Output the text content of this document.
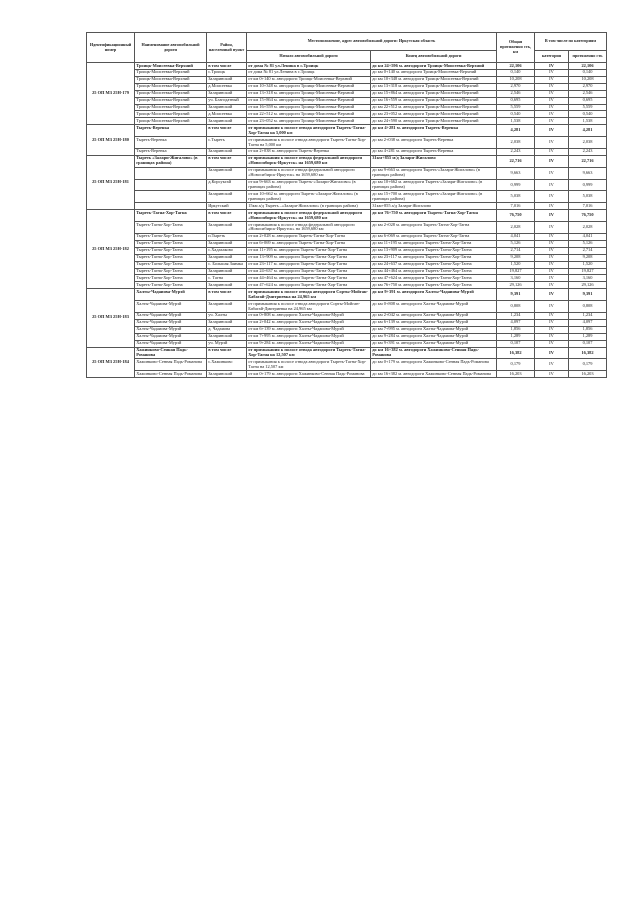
Идентификационный номер	Наименование автомобильной дороги	Район, населенный пункт	Местоположение, адрес автомобильной дороги: Иркутская область		Общая протяженно сть, км	В том числе по категориям	
			Начало автомобильной дороги	Конец автомобильной дороги		категория	протяженно сть
25 ОП МЗ 25Н-179	Троицк-Моисеевка-Верхний	в том числе	от дома № 81 ул.Ленина в с.Троицк	до км 24+596 м. автодороги Троицк-Моисеевка-Верхний	22,106	IV	22,106
	Троицк-Моисеевка-Верхний	с.Троицк	от дома № 81 ул.Ленина в с.Троицк	до км 0+140 м. автодороги Троицк-Моисеевка-Верхний	0,140	IV	0,140
	Троицк-Моисеевка-Верхний	Заларинский	от км 0+140 м. автодороги Троицк-Моисеевка-Верхний	до км 10+348 м. автодороги Троицк-Моисеевка-Верхний	10,208	IV	10,208
	Троицк-Моисеевка-Верхний	д.Моисеевка	от км 10+348 м. автодороги Троицк-Моисеевка-Верхний	до км 13+318 м. автодороги Троицк-Моисеевка-Верхний	2,970	IV	2,970
	Троицк-Моисеевка-Верхний	Заларинский	от км 13+318 м. автодороги Троицк-Моисеевка-Верхний	до км 15+864 м. автодороги Троицк-Моисеевка-Верхний	2,546	IV	2,546
	Троицк-Моисеевка-Верхний	уч. Благодатный	от км 15+864 м. автодороги Троицк-Моисеевка-Верхний	до км 16+559 м. автодороги Троицк-Моисеевка-Верхний	0,695	IV	0,695
	Троицк-Моисеевка-Верхний	Заларинский	от км 16+559 м. автодороги Троицк-Моисеевка-Верхний	до км 22+512 м. автодороги Троицк-Моисеевка-Верхний	5,559	IV	5,559
	Троицк-Моисеевка-Верхний	д.Моисеевка	от км 22+512 м. автодороги Троицк-Моисеевка-Верхний	до км 23+052 м. автодороги Троицк-Моисеевка-Верхний	0,540	IV	0,540
	Троицк-Моисеевка-Верхний	Заларинский	от км 23+052 м. автодороги Троицк-Моисеевка-Верхний	до км 24+590 м. автодороги Троицк-Моисеевка-Верхний	1,538	IV	1,538
25 ОП МЗ 25Н-180	Тыреть-Веренка	в том числе	от примыкания к полосе отвода автодороги Тыреть-Тагна-Хор-Тагна на 5,000 км	до км 4+281 м. автодороги Тыреть-Веренка	4,281	IV	4,281
	Тыреть-Веренка	с.Тыреть	от примыкания к полосе отвода автодороги Тыреть-Тагна-Хор-Тагна на 5,000 км	до км 2+038 м. автодороги Тыреть-Веренка	2,038	IV	2,038
	Тыреть-Веренка	Заларинский	от км 2+038 м. автодороги Тыреть-Веренка	до км 4+281 м. автодороги Тыреть-Веренка	2,243	IV	2,243
25 ОП МЗ 25Н-181	Тыреть «Залари-Жигалово» (в границах района)	в том числе	от примыкания к полосе отвода федеральной автодороги «Новосибирск-Иркутск» на 1659,680 км	31км+855 м/д Залари-Жигалово	22,716	IV	22,716
		Заларинский	от примыкания к полосе отвода федеральной автодороги «Новосибирск-Иркутск» на 1659,680 км	до км 9+663 м. автодороги Тыреть-«Залари-Жигалово» (в границах района)	9,663	IV	9,663
		д.Корсукгай	от км 9+663 м. автодороги Тыреть-«Залари-Жигалово» (в границах района)	до км 10+662 м. автодороги Тыреть-«Залари-Жигалово» (в границах района)	0,999	IV	0,999
		Заларинский	от км 10+662 м. автодороги Тыреть-«Залари-Жигалово» (в границах района)	до км 15+700 м. автодороги Тыреть-«Залари-Жигалово» (в границах района)	5,038	IV	5,038
		Иркутский	15км а/д Тыреть –«Залари-Жигалово» (в границах района)	31км+855 а/д Залари-Жигалово	7,016	IV	7,016
25 ОП МЗ 25Н-182	Тыреть-Тагна-Хор-Тагна	в том числе	от примыкания к полосе отвода федеральной автодороги «Новосибирск-Иркутск» на 1659,680 км	до км 76+750 м. автодороги Тыреть-Тагна-Хор-Тагна	76,750	IV	76,750
	Тыреть-Тагна-Хор-Тагна	Заларинский	от примыкания к полосе отвода федеральной автодороги «Новосибирск-Иркутск» на 1659,680 км	до км 2+028 м. автодороги Тыреть-Тагна-Хор-Тагна	2,028	IV	2,028
	Тыреть-Тагна-Хор-Тагна	п.Тыреть	от км 2+028 м. автодороги Тыреть-Тагна-Хор-Тагна	до км 6+069 м. автодороги Тыреть-Тагна-Хор-Тагна	4,041	IV	4,041
	Тыреть-Тагна-Хор-Тагна	Заларинский	от км 6+069 м. автодороги Тыреть-Тагна-Хор-Тагна	до км 11+195 м. автодороги Тыреть-Тагна-Хор-Тагна	5,126	IV	5,126
	Тыреть-Тагна-Хор-Тагна	с.Хадахаково	от км 11+195 м. автодороги Тыреть-Тагна-Хор-Тагна	до км 13+909 м. автодороги Тыреть-Тагна-Хор-Тагна	2,714	IV	2,714
	Тыреть-Тагна-Хор-Тагна	Заларинский	от км 13+909 м. автодороги Тыреть-Тагна-Хор-Тагна	до км 23+117 м. автодороги Тыреть-Тагна-Хор-Тагна	9,208	IV	9,208
	Тыреть-Тагна-Хор-Тагна	с. Большая Заимка	от км 23+117 м. автодороги Тыреть-Тагна-Хор-Тагна	до км 24+637 м. автодороги Тыреть-Тагна-Хор-Тагна	1,520	IV	1,520
	Тыреть-Тагна-Хор-Тагна	Заларинский	от км 24+637 м. автодороги Тыреть-Тагна-Хор-Тагна	до км 44+464 м. автодороги Тыреть-Тагна-Хор-Тагна	19,827	IV	19,827
	Тыреть-Тагна-Хор-Тагна	с. Тагна	от км 44+464 м. автодороги Тыреть-Тагна-Хор-Тагна	до км 47+624 м. автодороги Тыреть-Тагна-Хор-Тагна	3,160	IV	3,160
	Тыреть-Тагна-Хор-Тагна	Заларинский	от км 47+624 м. автодороги Тыреть-Тагна-Хор-Тагна	до км 76+750 м. автодороги Тыреть-Тагна-Хор-Тагна	29,126	IV	29,126
25 ОП МЗ 25Н-183	Халты-Чадаиова-Мурэй	в том числе	от примыкания к полосе отвода автодороги Сорты-Мойган-Бабагай-Дмитриевка на 24,965 км	до км 9+391 м. автодороги Халты-Чадаиова-Мурэй	9,391	IV	9,391
	Халты-Чадаиова-Мурэй	Заларинский	от примыкания к полосе отвода автодороги Сорты-Мойган-Бабагай-Дмитриевка на 24,965 км	до км 0+808 м. автодороги Халты-Чадаиова-Мурэй	0,808	IV	0,808
	Халты-Чадаиова-Мурэй	уч. Халты	от км 0+808 м. автодороги Халты-Чадаиова-Мурэй	до км 2+042 м. автодороги Халты-Чадаиова-Мурэй	1,234	IV	1,234
	Халты-Чадаиова-Мурэй	Заларинский	от км 2+042 м. автодороги Халты-Чадаиова-Мурэй	до км 6+139 м. автодороги Халты-Чадаиова-Мурэй	4,097	IV	4,097
	Халты-Чадаиова-Мурэй	д. Чадаиова	от км 6+139 м. автодороги Халты-Чадаиова-Мурэй	до км 7+995 м. автодороги Халты-Чадаиова-Мурэй	1,856	IV	1,856
	Халты-Чадаиова-Мурэй	Заларинский	от км 7+995 м. автодороги Халты-Чадаиова-Мурэй	до км 9+284 м. автодороги Халты-Чадаиова-Мурэй	1,289	IV	1,289
	Халты-Чадаиова-Мурэй	уч. Мурэй	от км 9+284 м. автодороги Халты-Чадаиова-Мурэй	до км 9+391 м. автодороги Халты-Чадаиова-Мурэй	0,107	IV	0,107
25 ОП МЗ 25Н-184	Хажинково-Сенная Падь-Романова	в том числе	от примыкания к полосе отвода автодороги Тыреть-Тагна-Хор-Тагна на 12,507 км	до км 16+382 м. автодороги Хажинково-Сенная Падь-Романова	16,382	IV	16,382
	Хажинково-Сенная Падь-Романова	с.Хажинково	от примыкания к полосе отвода автодороги Тыреть-Тагна-Хор-Тагна на 12,507 км	до км 0+179 м. автодороги Хажинково-Сенная Падь-Романова	0,179	IV	0,179
	Хажинково-Сенная Падь-Романова	Заларинский	от км 0+179 м. автодороги Хажинково-Сенная Падь-Романова	до км 16+382 м. автодороги Хажинково-Сенная Падь-Романова	16,203	IV	16,203
